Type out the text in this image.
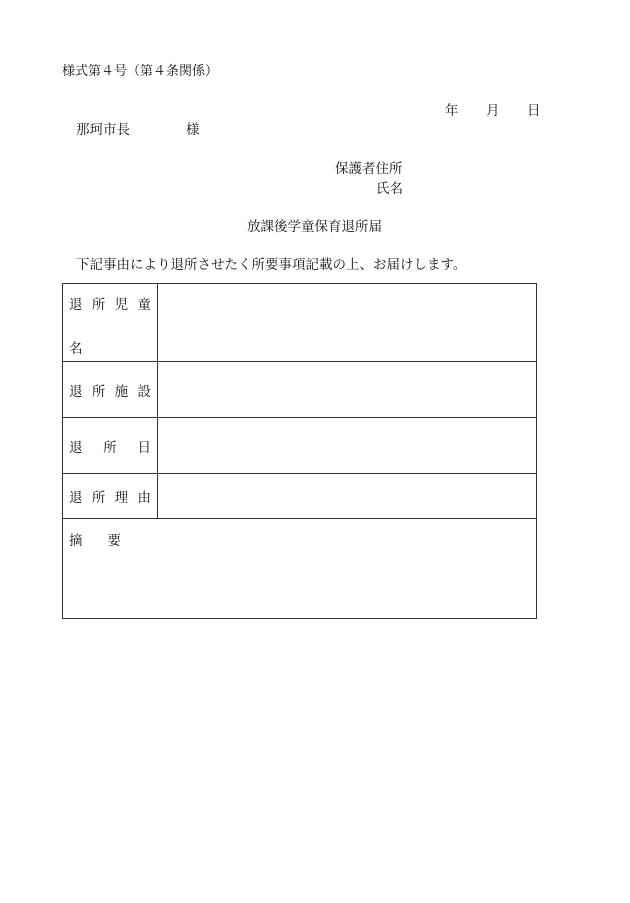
様式第４号（第４条関係）
年 月 日
那珂市長	様
保護者住所
氏名
放課後学童保育退所届
下記事由により退所させたく所要事項記載の上、お届けします。
退 所 児 童
名	

退 所 施 設	

退 所 日	

退 所 理 由	

摘 要	
